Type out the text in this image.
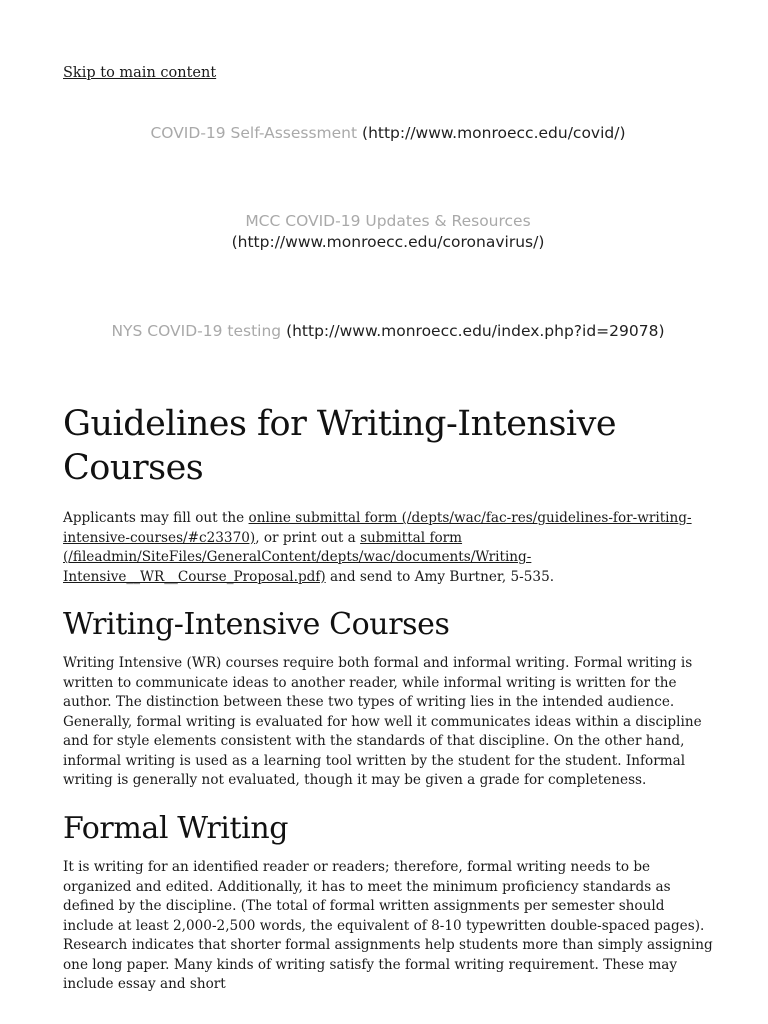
Skip to main content
COVID-19 Self-Assessment (http://www.monroecc.edu/covid/)
MCC COVID-19 Updates & Resources
(http://www.monroecc.edu/coronavirus/)
NYS COVID-19 testing (http://www.monroecc.edu/index.php?id=29078)
Guidelines for Writing-Intensive Courses
Applicants may fill out the online submittal form (/depts/wac/fac-res/guidelines-for-writing-intensive-courses/#c23370), or print out a submittal form (/fileadmin/SiteFiles/GeneralContent/depts/wac/documents/Writing-Intensive__WR__Course_Proposal.pdf) and send to Amy Burtner, 5-535.
Writing-Intensive Courses

Writing Intensive (WR) courses require both formal and informal writing. Formal writing is written to communicate ideas to another reader, while informal writing is written for the author. The distinction between these two types of writing lies in the intended audience. Generally, formal writing is evaluated for how well it communicates ideas within a discipline and for style elements consistent with the standards of that discipline. On the other hand, informal writing is used as a learning tool written by the student for the student. Informal writing is generally not evaluated, though it may be given a grade for completeness.

Formal Writing

It is writing for an identified reader or readers; therefore, formal writing needs to be organized and edited. Additionally, it has to meet the minimum proficiency standards as defined by the discipline. (The total of formal written assignments per semester should include at least 2,000-2,500 words, the equivalent of 8-10 typewritten double-spaced pages). Research indicates that shorter formal assignments help students more than simply assigning one long paper. Many kinds of writing satisfy the formal writing requirement. These may include essay and short
